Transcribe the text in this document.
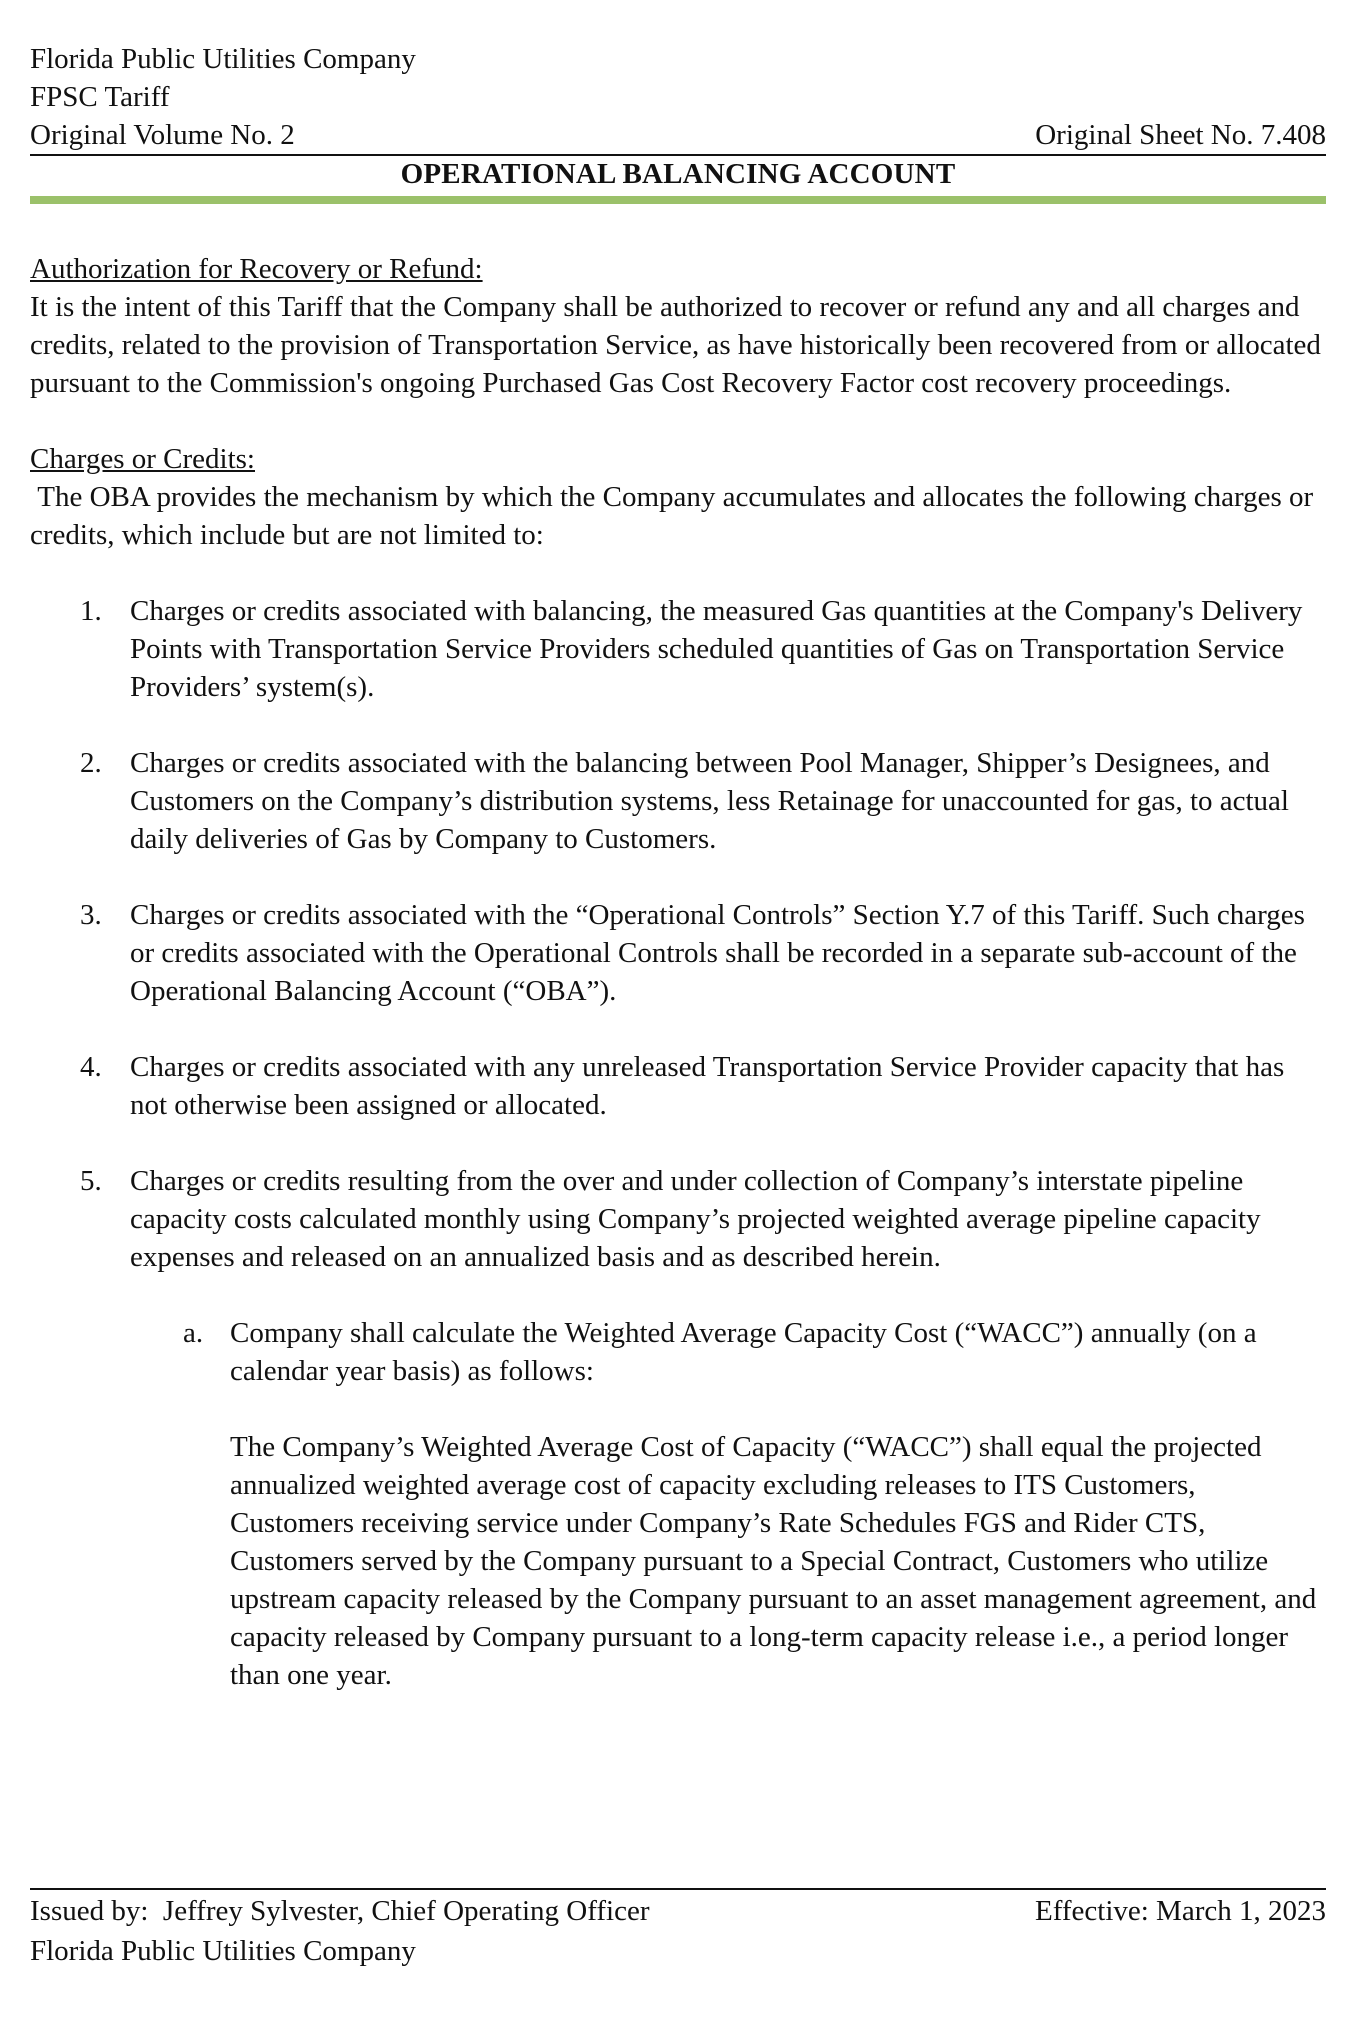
Florida Public Utilities Company
FPSC Tariff
Original Volume No. 2	Original Sheet No. 7.408
OPERATIONAL BALANCING ACCOUNT
Authorization for Recovery or Refund:
It is the intent of this Tariff that the Company shall be authorized to recover or refund any and all charges and credits, related to the provision of Transportation Service, as have historically been recovered from or allocated pursuant to the Commission's ongoing Purchased Gas Cost Recovery Factor cost recovery proceedings.
Charges or Credits:
The OBA provides the mechanism by which the Company accumulates and allocates the following charges or credits, which include but are not limited to:
1. Charges or credits associated with balancing, the measured Gas quantities at the Company's Delivery Points with Transportation Service Providers scheduled quantities of Gas on Transportation Service Providers’ system(s).
2. Charges or credits associated with the balancing between Pool Manager, Shipper’s Designees, and Customers on the Company’s distribution systems, less Retainage for unaccounted for gas, to actual daily deliveries of Gas by Company to Customers.
3. Charges or credits associated with the “Operational Controls” Section Y.7 of this Tariff. Such charges or credits associated with the Operational Controls shall be recorded in a separate sub-account of the Operational Balancing Account (“OBA”).
4. Charges or credits associated with any unreleased Transportation Service Provider capacity that has not otherwise been assigned or allocated.
5. Charges or credits resulting from the over and under collection of Company’s interstate pipeline capacity costs calculated monthly using Company’s projected weighted average pipeline capacity expenses and released on an annualized basis and as described herein.
a. Company shall calculate the Weighted Average Capacity Cost (“WACC”) annually (on a calendar year basis) as follows:
The Company’s Weighted Average Cost of Capacity (“WACC”) shall equal the projected annualized weighted average cost of capacity excluding releases to ITS Customers, Customers receiving service under Company’s Rate Schedules FGS and Rider CTS, Customers served by the Company pursuant to a Special Contract, Customers who utilize upstream capacity released by the Company pursuant to an asset management agreement, and capacity released by Company pursuant to a long-term capacity release i.e., a period longer than one year.
Issued by:  Jeffrey Sylvester, Chief Operating Officer	Effective: March 1, 2023
Florida Public Utilities Company
